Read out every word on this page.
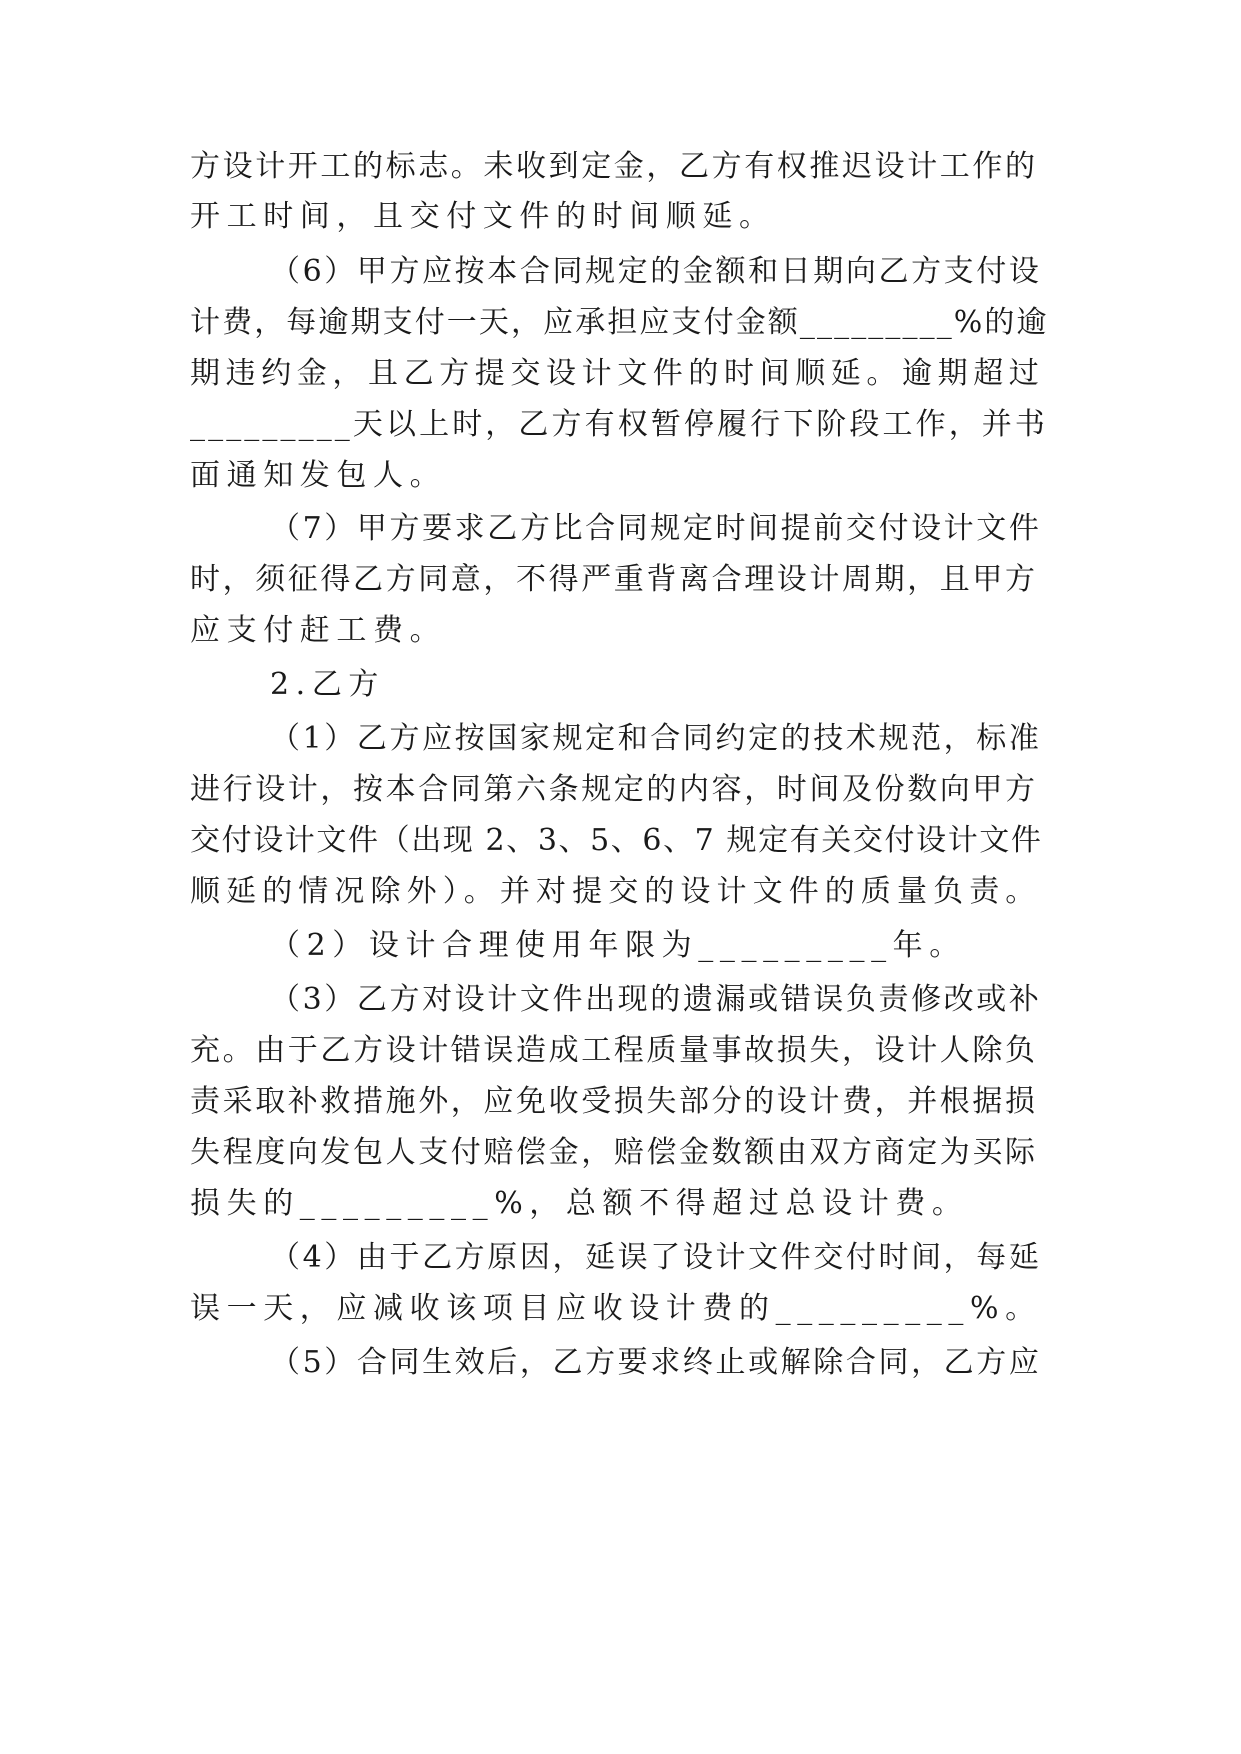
方设计开工的标志。未收到定金，乙方有权推迟设计工作的
开工时间，且交付文件的时间顺延。
（6）甲方应按本合同规定的金额和日期向乙方支付设
计费，每逾期支付一天，应承担应支付金额_________%的逾
期违约金，且乙方提交设计文件的时间顺延。逾期超过
_________天以上时，乙方有权暂停履行下阶段工作，并书
面通知发包人。
（7）甲方要求乙方比合同规定时间提前交付设计文件
时，须征得乙方同意，不得严重背离合理设计周期，且甲方
应支付赶工费。
2.乙方
（1）乙方应按国家规定和合同约定的技术规范，标准
进行设计，按本合同第六条规定的内容，时间及份数向甲方
交付设计文件（出现 2、3、5、6、7 规定有关交付设计文件
顺延的情况除外）。并对提交的设计文件的质量负责。
（2）设计合理使用年限为_________年。
（3）乙方对设计文件出现的遗漏或错误负责修改或补
充。由于乙方设计错误造成工程质量事故损失，设计人除负
责采取补救措施外，应免收受损失部分的设计费，并根据损
失程度向发包人支付赔偿金，赔偿金数额由双方商定为买际
损失的_________%，总额不得超过总设计费。
（4）由于乙方原因，延误了设计文件交付时间，每延
误一天，应减收该项目应收设计费的_________%。
（5）合同生效后，乙方要求终止或解除合同，乙方应
